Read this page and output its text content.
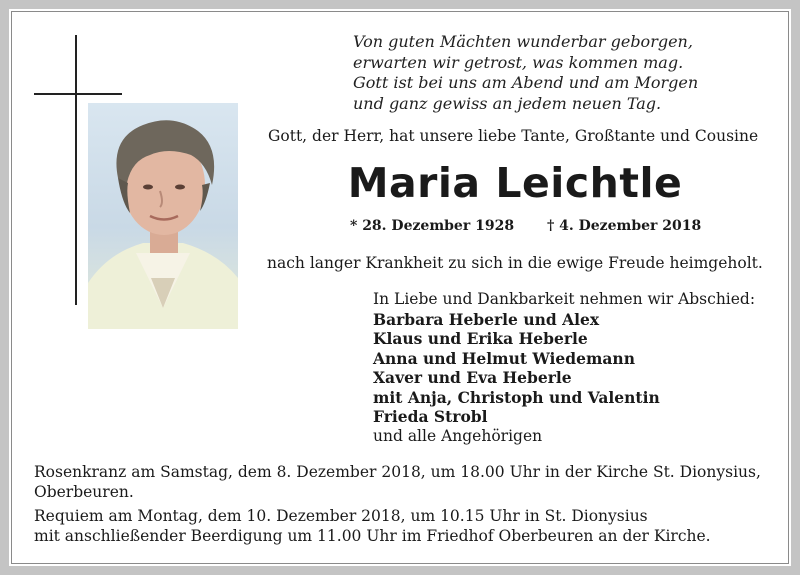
Von guten Mächten wunderbar geborgen,
erwarten wir getrost, was kommen mag.
Gott ist bei uns am Abend und am Morgen
und ganz gewiss an jedem neuen Tag.
Gott, der Herr, hat unsere liebe Tante, Großtante und Cousine
Maria Leichtle
* 28. Dezember 1928 † 4. Dezember 2018
nach langer Krankheit zu sich in die ewige Freude heimgeholt.
In Liebe und Dankbarkeit nehmen wir Abschied:
Barbara Heberle und Alex
Klaus und Erika Heberle
Anna und Helmut Wiedemann
Xaver und Eva Heberle
mit Anja, Christoph und Valentin
Frieda Strobl
und alle Angehörigen
Rosenkranz am Samstag, dem 8. Dezember 2018, um 18.00 Uhr in der Kirche St. Dionysius,
Oberbeuren.
Requiem am Montag, dem 10. Dezember 2018, um 10.15 Uhr in St. Dionysius
mit anschließender Beerdigung um 11.00 Uhr im Friedhof Oberbeuren an der Kirche.
